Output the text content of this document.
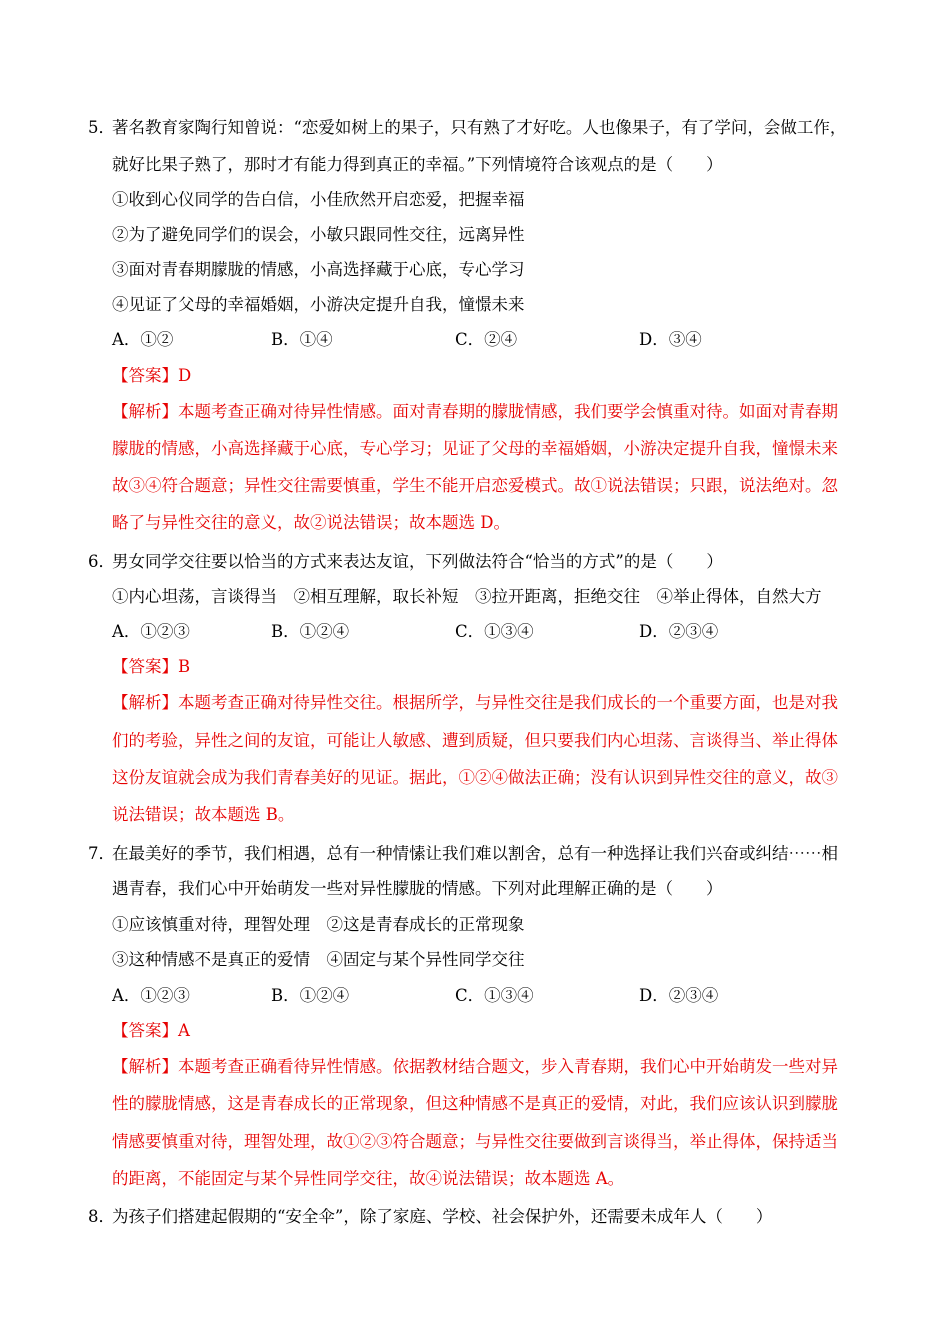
5．
著名教育家陶行知曾说：“恋爱如树上的果子，只有熟了才好吃。人也像果子，有了学问，会做工作，
就好比果子熟了，那时才有能力得到真正的幸福。”下列情境符合该观点的是（　　）
①收到心仪同学的告白信，小佳欣然开启恋爱，把握幸福
②为了避免同学们的误会，小敏只跟同性交往，远离异性
③面对青春期朦胧的情感，小高选择藏于心底，专心学习
④见证了父母的幸福婚姻，小游决定提升自我，憧憬未来
A．①②	B．①④	C．②④	D．③④
【答案】D
【解析】本题考查正确对待异性情感。面对青春期的朦胧情感，我们要学会慎重对待。如面对青春期
朦胧的情感，小高选择藏于心底，专心学习；见证了父母的幸福婚姻，小游决定提升自我，憧憬未来
故③④符合题意；异性交往需要慎重，学生不能开启恋爱模式。故①说法错误；只跟，说法绝对。忽
略了与异性交往的意义，故②说法错误；故本题选 D。
6．
男女同学交往要以恰当的方式来表达友谊，下列做法符合“恰当的方式”的是（　　）
①内心坦荡，言谈得当　②相互理解，取长补短　③拉开距离，拒绝交往　④举止得体，自然大方
A．①②③	B．①②④	C．①③④	D．②③④
【答案】B
【解析】本题考查正确对待异性交往。根据所学，与异性交往是我们成长的一个重要方面，也是对我
们的考验，异性之间的友谊，可能让人敏感、遭到质疑，但只要我们内心坦荡、言谈得当、举止得体
这份友谊就会成为我们青春美好的见证。据此，①②④做法正确；没有认识到异性交往的意义，故③
说法错误；故本题选 B。
7．
在最美好的季节，我们相遇，总有一种情愫让我们难以割舍，总有一种选择让我们兴奋或纠结⋯⋯相
遇青春，我们心中开始萌发一些对异性朦胧的情感。下列对此理解正确的是（　　）
①应该慎重对待，理智处理　②这是青春成长的正常现象
③这种情感不是真正的爱情　④固定与某个异性同学交往
A．①②③	B．①②④	C．①③④	D．②③④
【答案】A
【解析】本题考查正确看待异性情感。依据教材结合题文，步入青春期，我们心中开始萌发一些对异
性的朦胧情感，这是青春成长的正常现象，但这种情感不是真正的爱情，对此，我们应该认识到朦胧
情感要慎重对待，理智处理，故①②③符合题意；与异性交往要做到言谈得当，举止得体，保持适当
的距离，不能固定与某个异性同学交往，故④说法错误；故本题选 A。
8．
为孩子们搭建起假期的“安全伞”，除了家庭、学校、社会保护外，还需要未成年人（　　）
